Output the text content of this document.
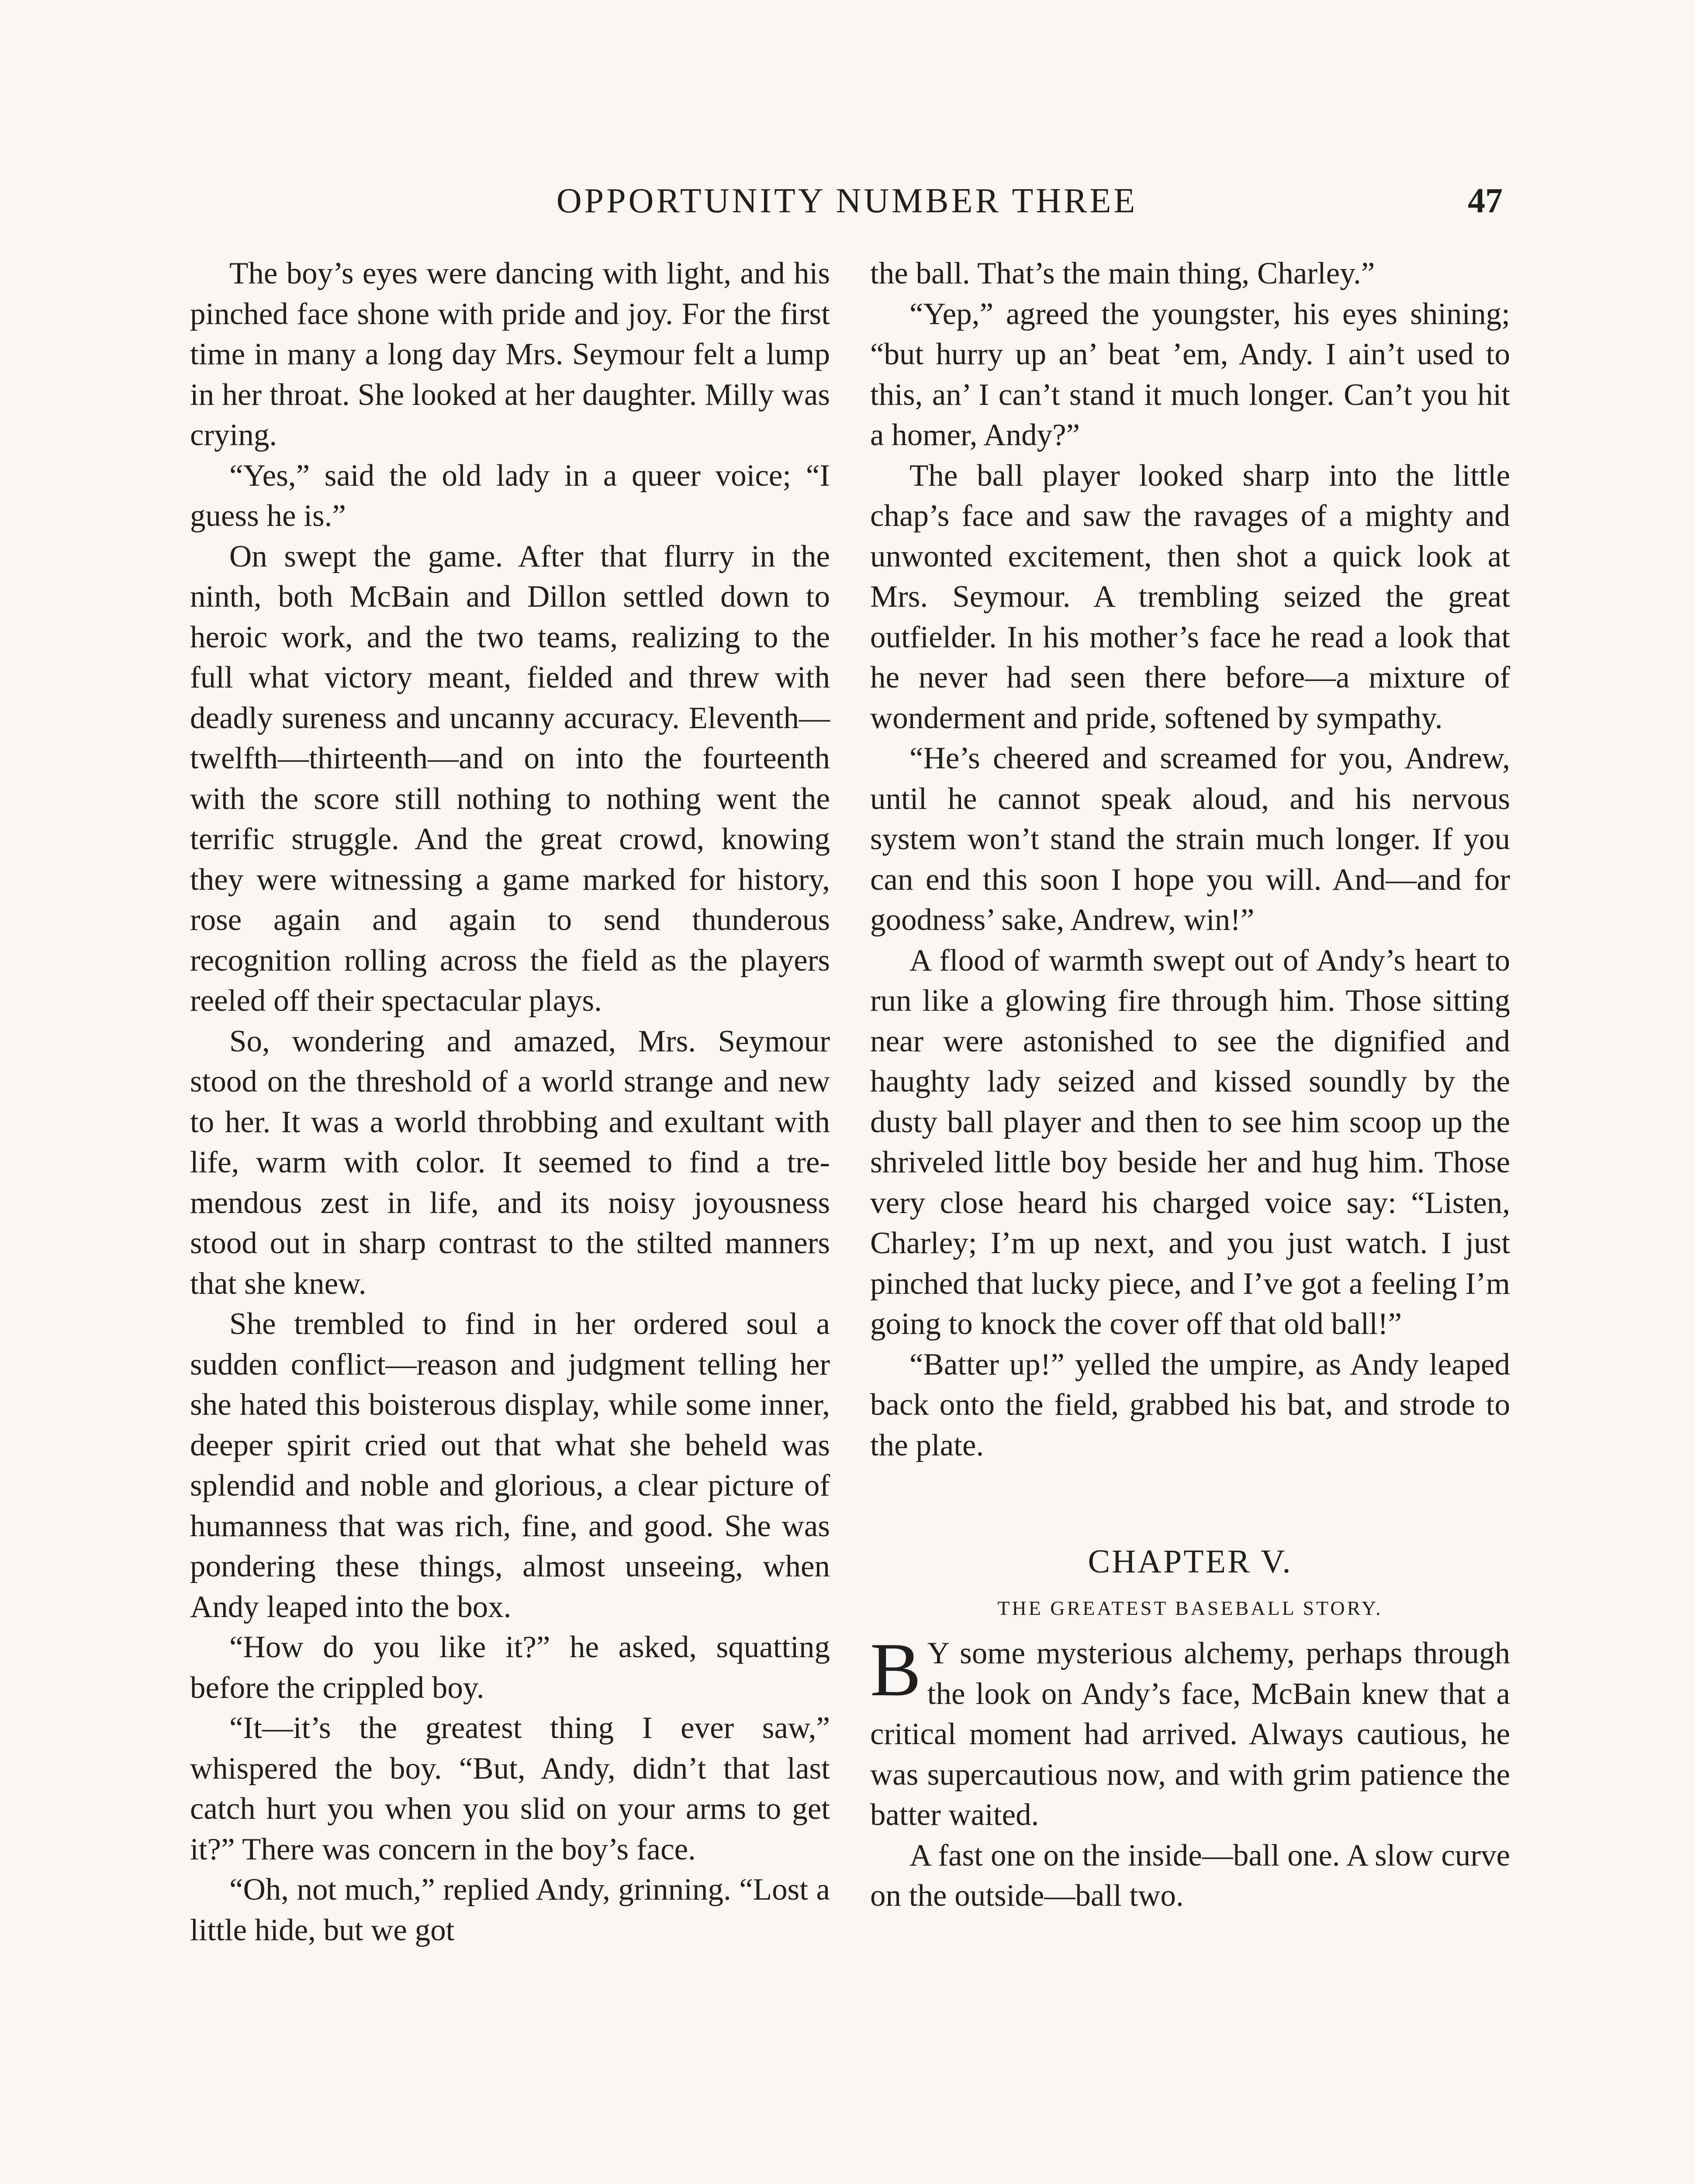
OPPORTUNITY NUMBER THREE	47

The boy’s eyes were dancing with light, and his pinched face shone with pride and joy. For the first time in many a long day Mrs. Seymour felt a lump in her throat. She looked at her daughter. Milly was crying.

“Yes,” said the old lady in a queer voice; “I guess he is.”

On swept the game. After that flurry in the ninth, both McBain and Dillon settled down to heroic work, and the two teams, realizing to the full what victory meant, fielded and threw with deadly sureness and uncanny accuracy. Eleventh—twelfth—thirteenth—and on into the fourteenth with the score still nothing to nothing went the terrific struggle. And the great crowd, knowing they were witnessing a game marked for history, rose again and again to send thunderous recognition rolling across the field as the players reeled off their spectacular plays.

So, wondering and amazed, Mrs. Seymour stood on the threshold of a world strange and new to her. It was a world throbbing and exultant with life, warm with color. It seemed to find a tremendous zest in life, and its noisy joyousness stood out in sharp contrast to the stilted manners that she knew.

She trembled to find in her ordered soul a sudden conflict—reason and judgment telling her she hated this boisterous display, while some inner, deeper spirit cried out that what she beheld was splendid and noble and glorious, a clear picture of humanness that was rich, fine, and good. She was pondering these things, almost unseeing, when Andy leaped into the box.

“How do you like it?” he asked, squatting before the crippled boy.

“It—it’s the greatest thing I ever saw,” whispered the boy. “But, Andy, didn’t that last catch hurt you when you slid on your arms to get it?” There was concern in the boy’s face.

“Oh, not much,” replied Andy, grinning. “Lost a little hide, but we got

the ball. That’s the main thing, Charley.”

“Yep,” agreed the youngster, his eyes shining; “but hurry up an’ beat ’em, Andy. I ain’t used to this, an’ I can’t stand it much longer. Can’t you hit a homer, Andy?”

The ball player looked sharp into the little chap’s face and saw the ravages of a mighty and unwonted excitement, then shot a quick look at Mrs. Seymour. A trembling seized the great outfielder. In his mother’s face he read a look that he never had seen there before—a mixture of wonderment and pride, softened by sympathy.

“He’s cheered and screamed for you, Andrew, until he cannot speak aloud, and his nervous system won’t stand the strain much longer. If you can end this soon I hope you will. And—and for goodness’ sake, Andrew, win!”

A flood of warmth swept out of Andy’s heart to run like a glowing fire through him. Those sitting near were astonished to see the dignified and haughty lady seized and kissed soundly by the dusty ball player and then to see him scoop up the shriveled little boy beside her and hug him. Those very close heard his charged voice say: “Listen, Charley; I’m up next, and you just watch. I just pinched that lucky piece, and I’ve got a feeling I’m going to knock the cover off that old ball!”

“Batter up!” yelled the umpire, as Andy leaped back onto the field, grabbed his bat, and strode to the plate.

CHAPTER V.
THE GREATEST BASEBALL STORY.

B Y some mysterious alchemy, perhaps through the look on Andy’s face, McBain knew that a critical moment had arrived. Always cautious, he was supercautious now, and with grim patience the batter waited.

A fast one on the inside—ball one. A slow curve on the outside—ball two.
